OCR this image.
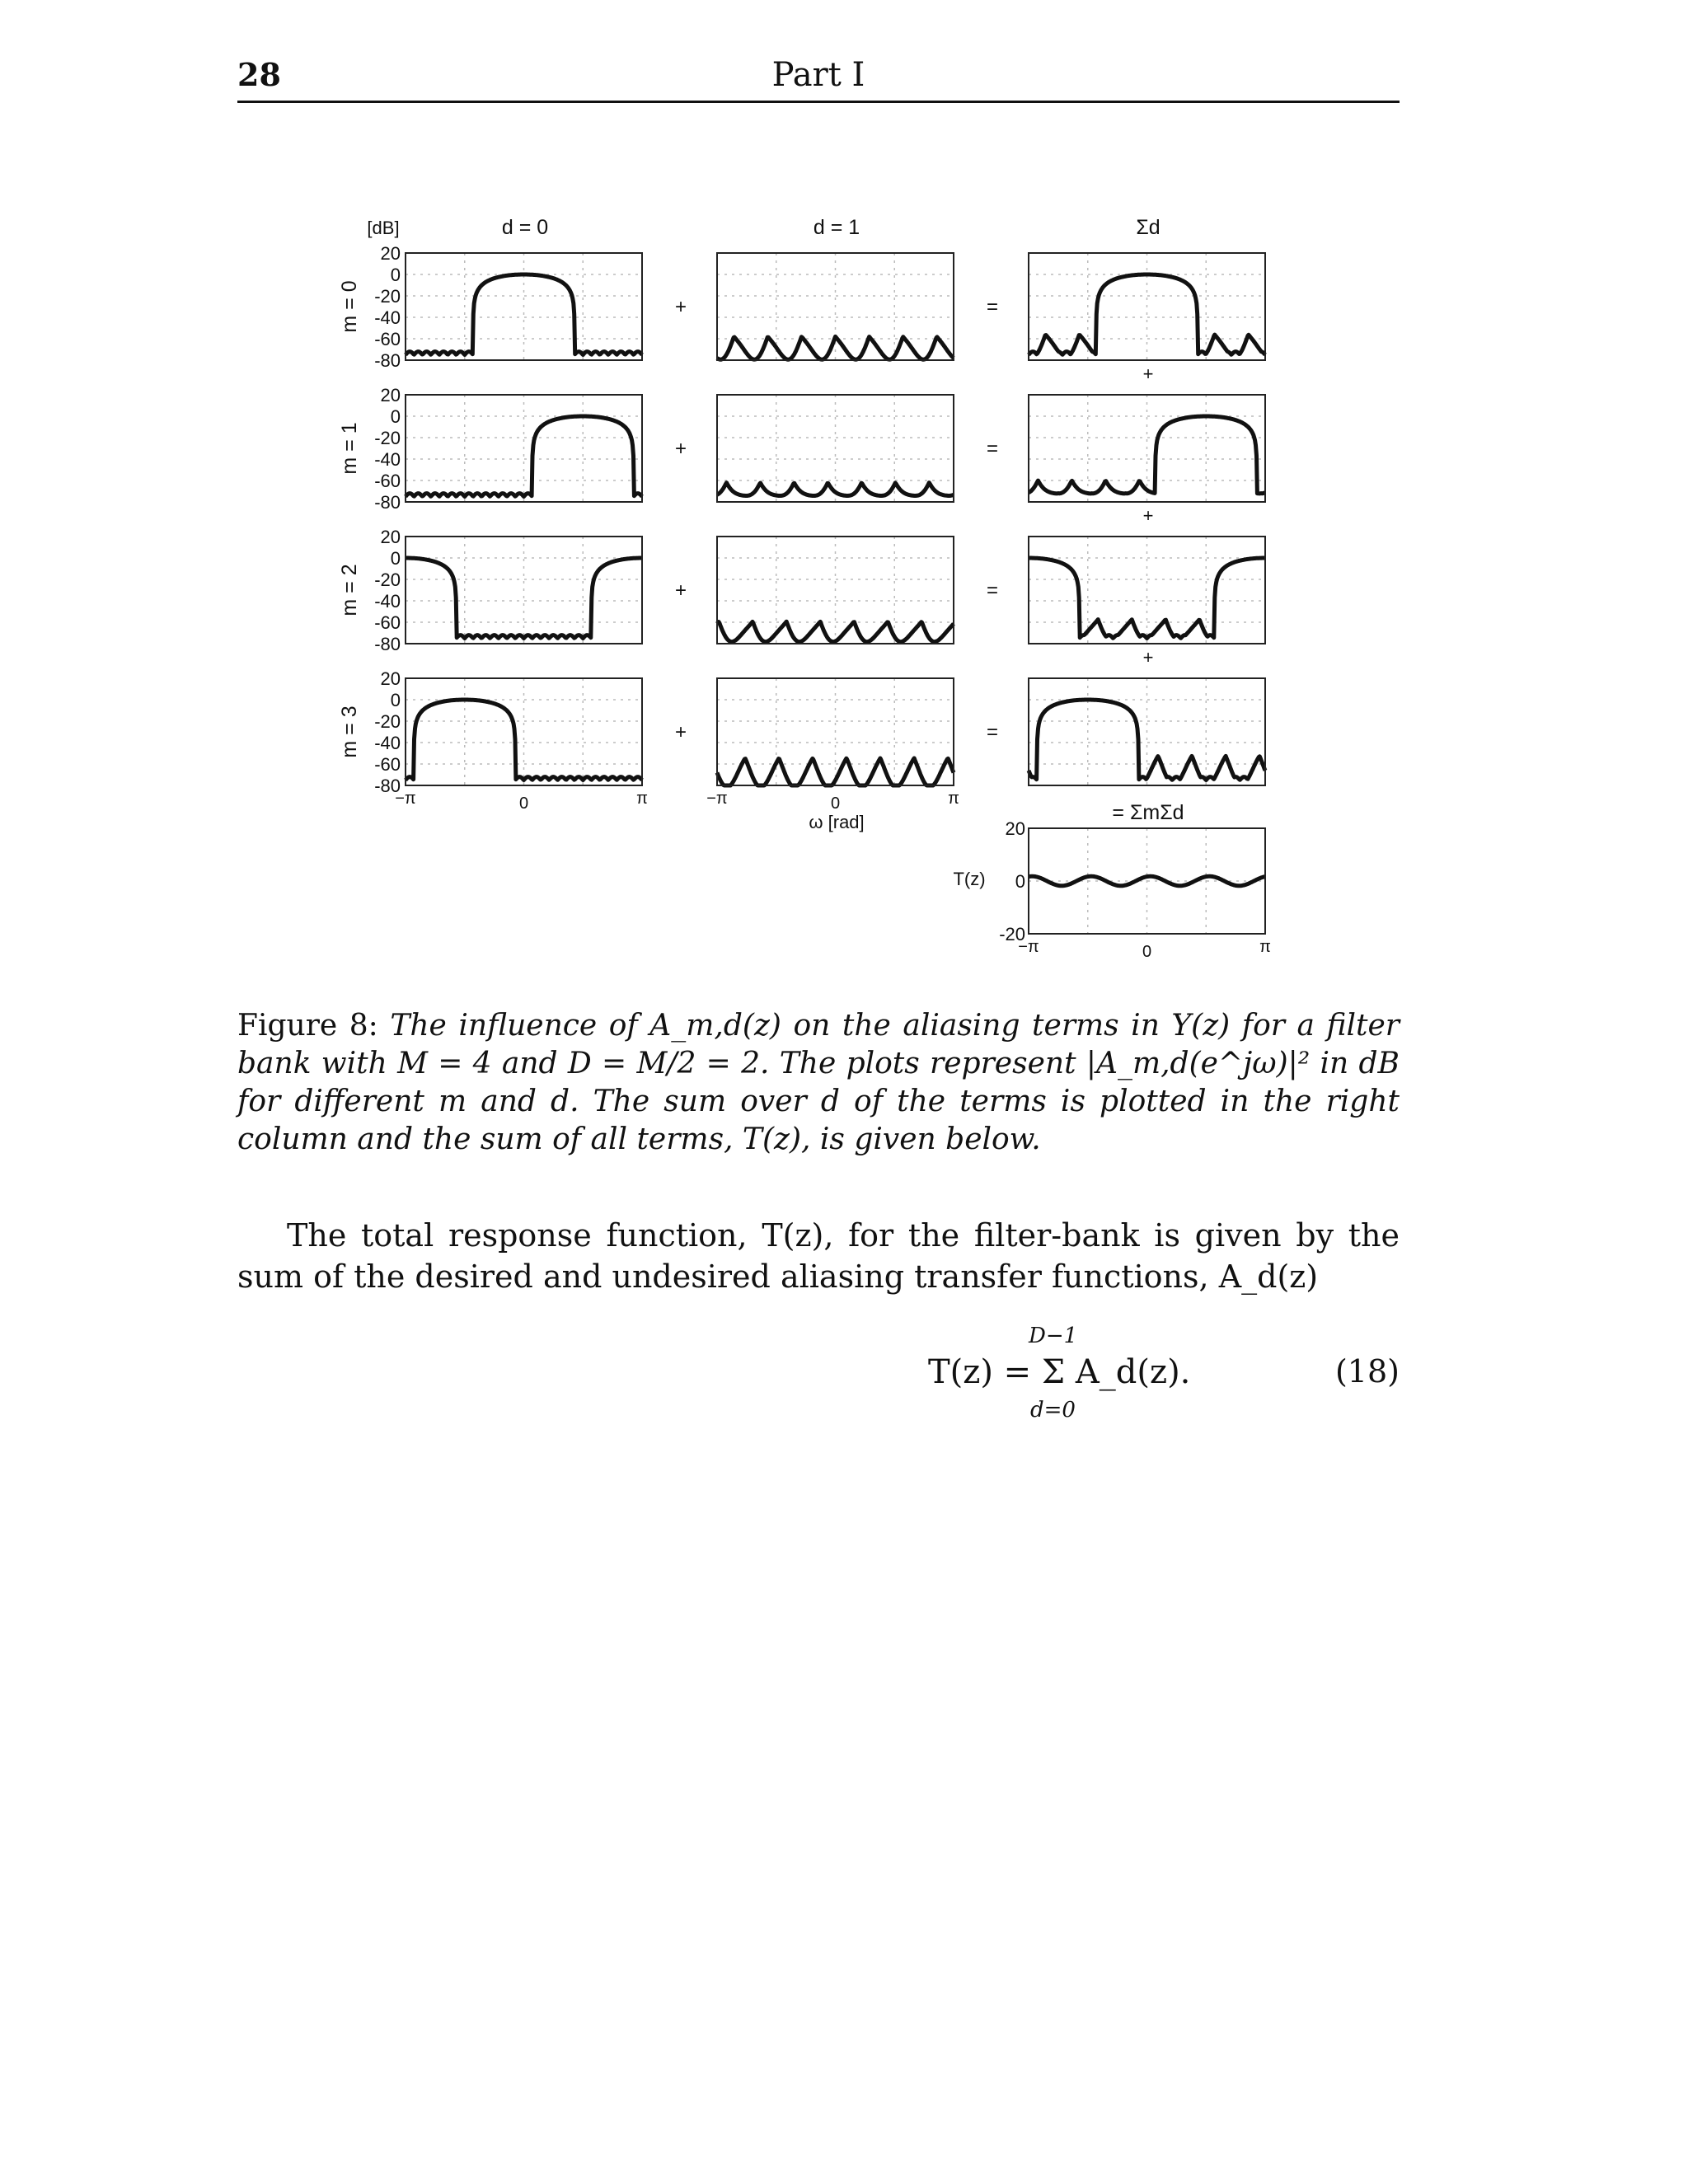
28	Part I
[dB]	d = 0	d = 1	Σd
m = 0
20
0
-20
-40
-60
-80
+	=
+
m = 1
20
0
-20
-40
-60
-80
+	=
+
m = 2
20
0
-20
-40
-60
-80
+	=
+
m = 3
20
0
-20
-40
-60
-80
+	=
−π	0	π	−π	0	π
ω [rad]	= ΣmΣd
T(z)
20
0
-20
−π	0	π
Figure 8: The influence of A_m,d(z) on the aliasing terms in Y(z) for a filter bank with M = 4 and D = M/2 = 2. The plots represent |A_m,d(e^jω)|² in dB for different m and d. The sum over d of the terms is plotted in the right column and the sum of all terms, T(z), is given below.
The total response function, T(z), for the filter-bank is given by the sum of the desired and undesired aliasing transfer functions, A_d(z)
D−1
T(z) = Σ A_d(z).
d=0
(18)
